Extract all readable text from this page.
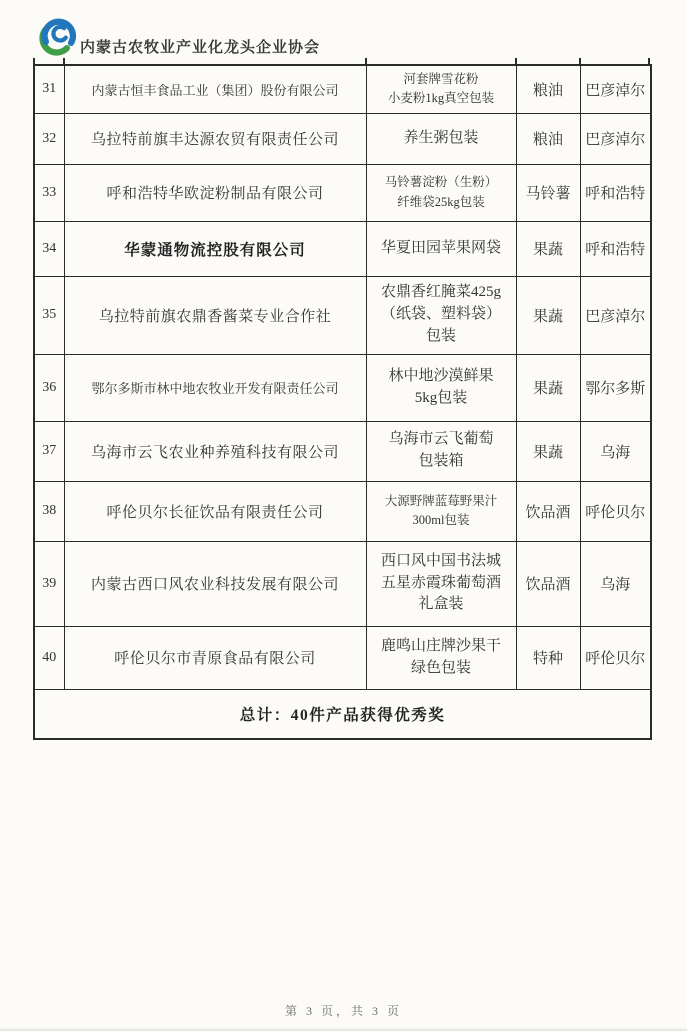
内蒙古农牧业产业化龙头企业协会
31	内蒙古恒丰食品工业（集团）股份有限公司	河套牌雪花粉
小麦粉1kg真空包装	粮油	巴彦淖尔
32	乌拉特前旗丰达源农贸有限责任公司	养生粥包装	粮油	巴彦淖尔
33	呼和浩特华欧淀粉制品有限公司	马铃薯淀粉（生粉）
纤维袋25kg包装	马铃薯	呼和浩特
34	华蒙通物流控股有限公司	华夏田园苹果网袋	果蔬	呼和浩特
35	乌拉特前旗农鼎香酱菜专业合作社	农鼎香红腌菜425g
（纸袋、塑料袋）
包装	果蔬	巴彦淖尔
36	鄂尔多斯市林中地农牧业开发有限责任公司	林中地沙漠鲜果
5kg包装	果蔬	鄂尔多斯
37	乌海市云飞农业种养殖科技有限公司	乌海市云飞葡萄
包装箱	果蔬	乌海
38	呼伦贝尔长征饮品有限责任公司	大源野牌蓝莓野果汁
300ml包装	饮品酒	呼伦贝尔
39	内蒙古西口风农业科技发展有限公司	西口风中国书法城
五星赤霞珠葡萄酒
礼盒装	饮品酒	乌海
40	呼伦贝尔市青原食品有限公司	鹿鸣山庄牌沙果干
绿色包装	特种	呼伦贝尔
总计：40件产品获得优秀奖				
第 3 页，共 3 页
